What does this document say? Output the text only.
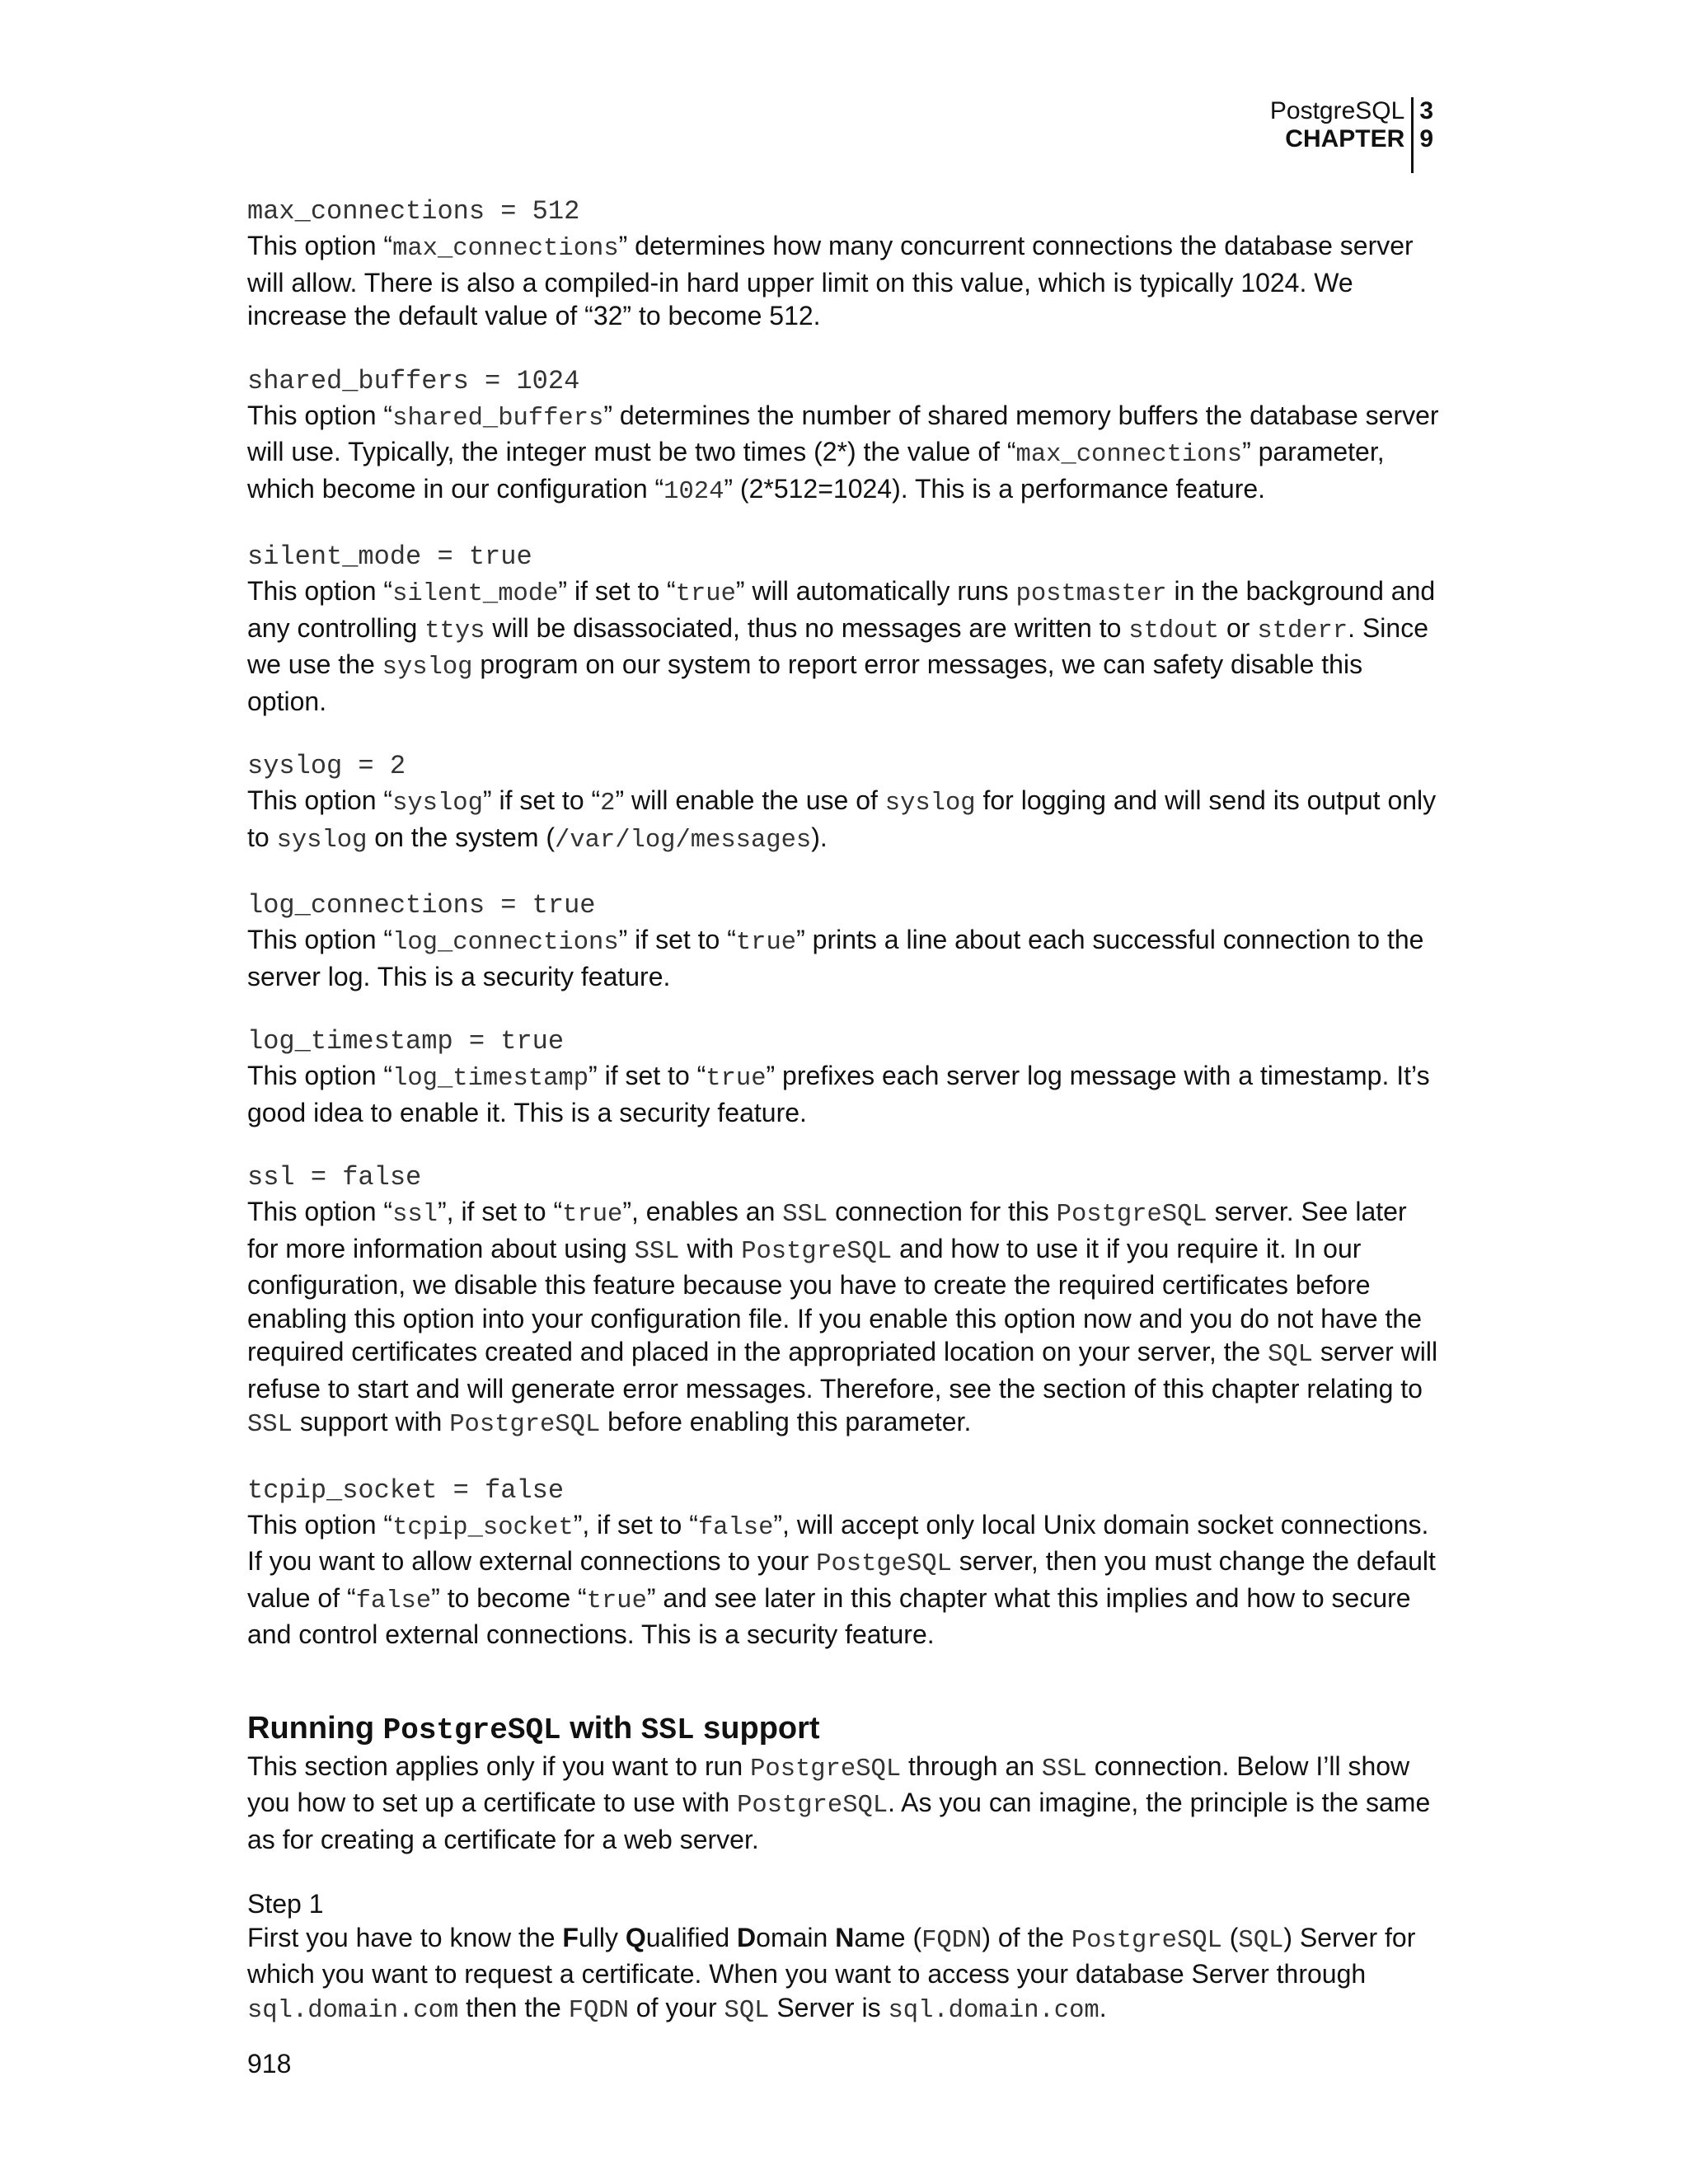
PostgreSQL
CHAPTER
3
9

max_connections = 512

This option “max_connections” determines how many concurrent connections the database server will allow. There is also a compiled-in hard upper limit on this value, which is typically 1024. We increase the default value of “32” to become 512.

shared_buffers = 1024

This option “shared_buffers” determines the number of shared memory buffers the database server will use. Typically, the integer must be two times (2*) the value of “max_connections” parameter, which become in our configuration “1024” (2*512=1024). This is a performance feature.

silent_mode = true

This option “silent_mode” if set to “true” will automatically runs postmaster in the background and any controlling ttys will be disassociated, thus no messages are written to stdout or stderr. Since we use the syslog program on our system to report error messages, we can safety disable this option.

syslog = 2

This option “syslog” if set to “2” will enable the use of syslog for logging and will send its output only to syslog on the system (/var/log/messages).

log_connections = true

This option “log_connections” if set to “true” prints a line about each successful connection to the server log. This is a security feature.

log_timestamp = true

This option “log_timestamp” if set to “true” prefixes each server log message with a timestamp. It’s good idea to enable it. This is a security feature.

ssl = false

This option “ssl”, if set to “true”, enables an SSL connection for this PostgreSQL server. See later for more information about using SSL with PostgreSQL and how to use it if you require it. In our configuration, we disable this feature because you have to create the required certificates before enabling this option into your configuration file. If you enable this option now and you do not have the required certificates created and placed in the appropriated location on your server, the SQL server will refuse to start and will generate error messages. Therefore, see the section of this chapter relating to SSL support with PostgreSQL before enabling this parameter.

tcpip_socket = false

This option “tcpip_socket”, if set to “false”, will accept only local Unix domain socket connections. If you want to allow external connections to your PostgeSQL server, then you must change the default value of “false” to become “true” and see later in this chapter what this implies and how to secure and control external connections. This is a security feature.

Running PostgreSQL with SSL support

This section applies only if you want to run PostgreSQL through an SSL connection. Below I’ll show you how to set up a certificate to use with PostgreSQL. As you can imagine, the principle is the same as for creating a certificate for a web server.

Step 1

First you have to know the Fully Qualified Domain Name (FQDN) of the PostgreSQL (SQL) Server for which you want to request a certificate. When you want to access your database Server through sql.domain.com then the FQDN of your SQL Server is sql.domain.com.

918
